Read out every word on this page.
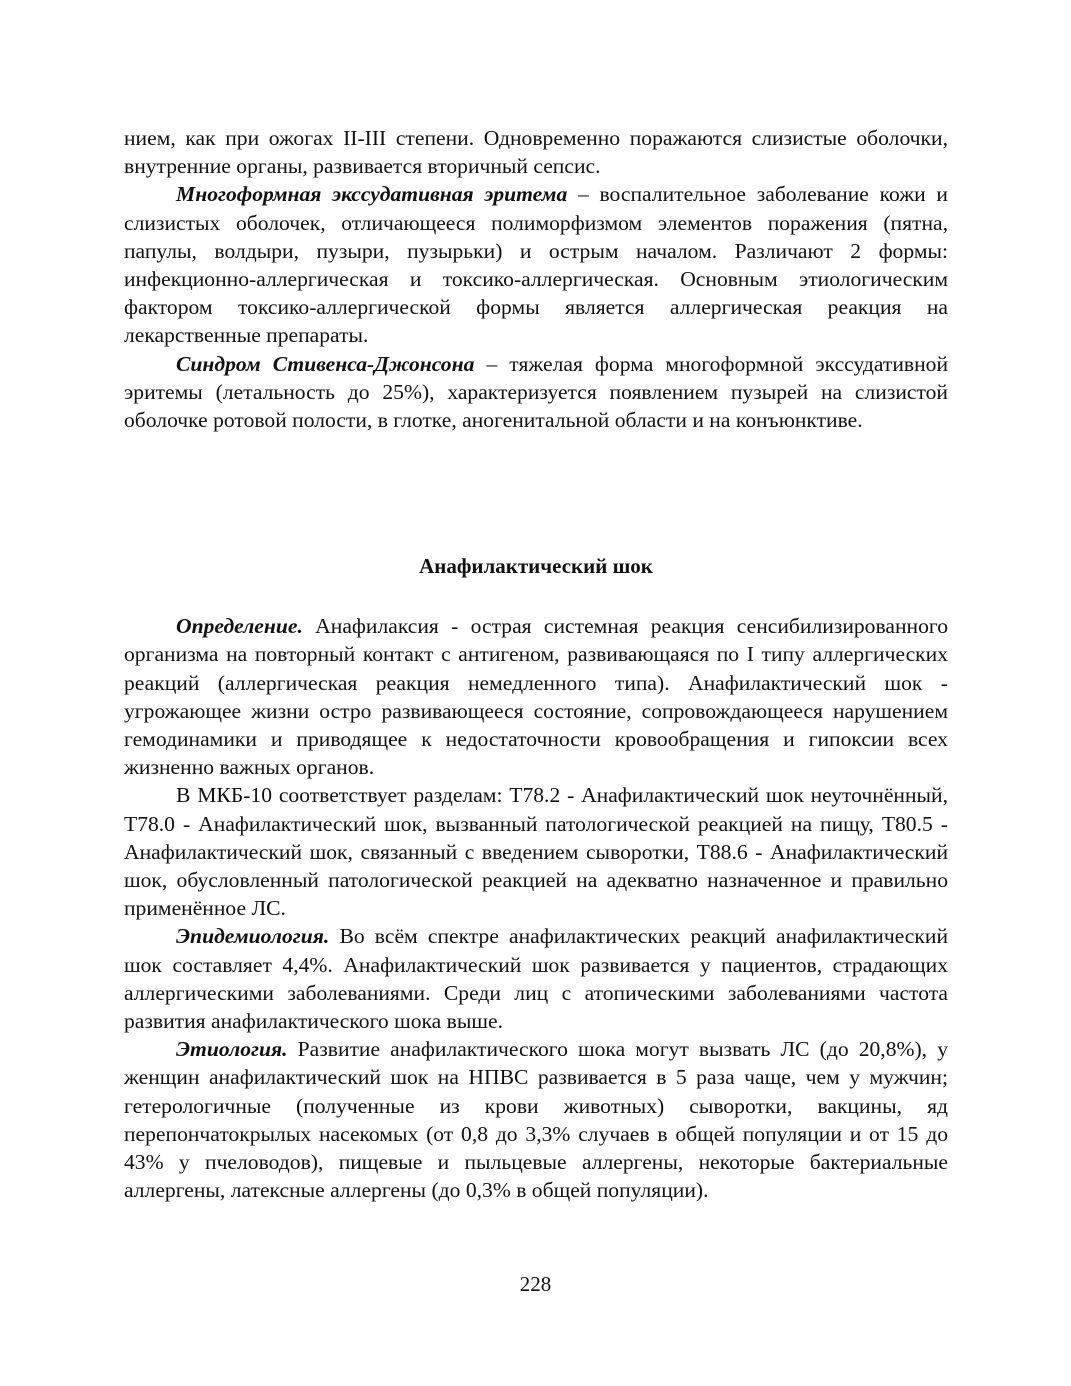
нием, как при ожогах II-III степени. Одновременно поражаются слизистые оболочки, внутренние органы, развивается вторичный сепсис.

Многоформная экссудативная эритема – воспалительное заболевание кожи и слизистых оболочек, отличающееся полиморфизмом элементов поражения (пятна, папулы, волдыри, пузыри, пузырьки) и острым началом. Различают 2 формы: инфекционно-аллергическая и токсико-аллергическая. Основным этиологическим фактором токсико-аллергической формы является аллергическая реакция на лекарственные препараты.

Синдром Стивенса-Джонсона – тяжелая форма многоформной экссудативной эритемы (летальность до 25%), характеризуется появлением пузырей на слизистой оболочке ротовой полости, в глотке, аногенитальной области и на конъюнктиве.

Анафилактический шок

Определение. Анафилаксия - острая системная реакция сенсибилизированного организма на повторный контакт с антигеном, развивающаяся по I типу аллергических реакций (аллергическая реакция немедленного типа). Анафилактический шок - угрожающее жизни остро развивающееся состояние, сопровождающееся нарушением гемодинамики и приводящее к недостаточности кровообращения и гипоксии всех жизненно важных органов.

В МКБ-10 соответствует разделам: T78.2 - Анафилактический шок неуточнённый, T78.0 - Анафилактический шок, вызванный патологической реакцией на пищу, T80.5 - Анафилактический шок, связанный с введением сыворотки, T88.6 - Анафилактический шок, обусловленный патологической реакцией на адекватно назначенное и правильно применённое ЛС.

Эпидемиология. Во всём спектре анафилактических реакций анафилактический шок составляет 4,4%. Анафилактический шок развивается у пациентов, страдающих аллергическими заболеваниями. Среди лиц с атопическими заболеваниями частота развития анафилактического шока выше.

Этиология. Развитие анафилактического шока могут вызвать ЛС (до 20,8%), у женщин анафилактический шок на НПВС развивается в 5 раза чаще, чем у мужчин; гетерологичные (полученные из крови животных) сыворотки, вакцины, яд перепончатокрылых насекомых (от 0,8 до 3,3% случаев в общей популяции и от 15 до 43% у пчеловодов), пищевые и пыльцевые аллергены, некоторые бактериальные аллергены, латексные аллергены (до 0,3% в общей популяции).

228
